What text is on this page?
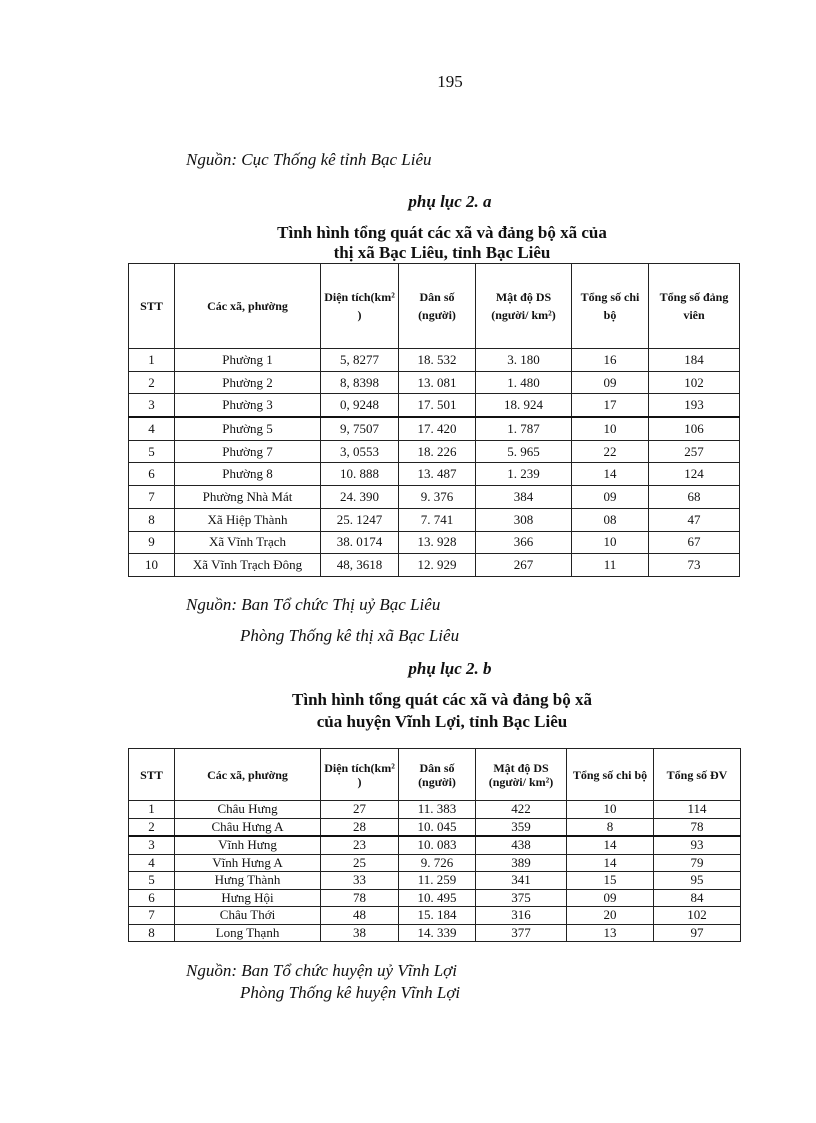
195
Nguồn: Cục Thống kê tỉnh Bạc Liêu
phụ lục 2. a
Tình hình tổng quát các xã và đảng bộ xã của
thị xã Bạc Liêu, tỉnh Bạc Liêu
STT	Các xã, phường	Diện tích(km² )	Dân số (người)	Mật độ DS (người/ km²)	Tổng số chi bộ	Tổng số đảng viên
1	Phường 1	5, 8277	18. 532	3. 180	16	184
2	Phường 2	8, 8398	13. 081	1. 480	09	102
3	Phường 3	0, 9248	17. 501	18. 924	17	193
4	Phường 5	9, 7507	17. 420	1. 787	10	106
5	Phường 7	3, 0553	18. 226	5. 965	22	257
6	Phường 8	10. 888	13. 487	1. 239	14	124
7	Phường Nhà Mát	24. 390	9. 376	384	09	68
8	Xã Hiệp Thành	25. 1247	7. 741	308	08	47
9	Xã Vĩnh Trạch	38. 0174	13. 928	366	10	67
10	Xã Vĩnh Trạch Đông	48, 3618	12. 929	267	11	73
Nguồn: Ban Tổ chức Thị uỷ Bạc Liêu
Phòng Thống kê thị xã Bạc Liêu
phụ lục 2. b
Tình hình tổng quát các xã và đảng bộ xã
của huyện Vĩnh Lợi, tỉnh Bạc Liêu
STT	Các xã, phường	Diện tích(km² )	Dân số (người)	Mật độ DS (người/ km²)	Tổng số chi bộ	Tổng số ĐV
1	Châu Hưng	27	11. 383	422	10	114
2	Châu Hưng A	28	10. 045	359	8	78
3	Vĩnh Hưng	23	10. 083	438	14	93
4	Vĩnh Hưng A	25	9. 726	389	14	79
5	Hưng Thành	33	11. 259	341	15	95
6	Hưng Hội	78	10. 495	375	09	84
7	Châu Thới	48	15. 184	316	20	102
8	Long Thạnh	38	14. 339	377	13	97
Nguồn: Ban Tổ chức huyện uỷ Vĩnh Lợi
Phòng Thống kê huyện Vĩnh Lợi
